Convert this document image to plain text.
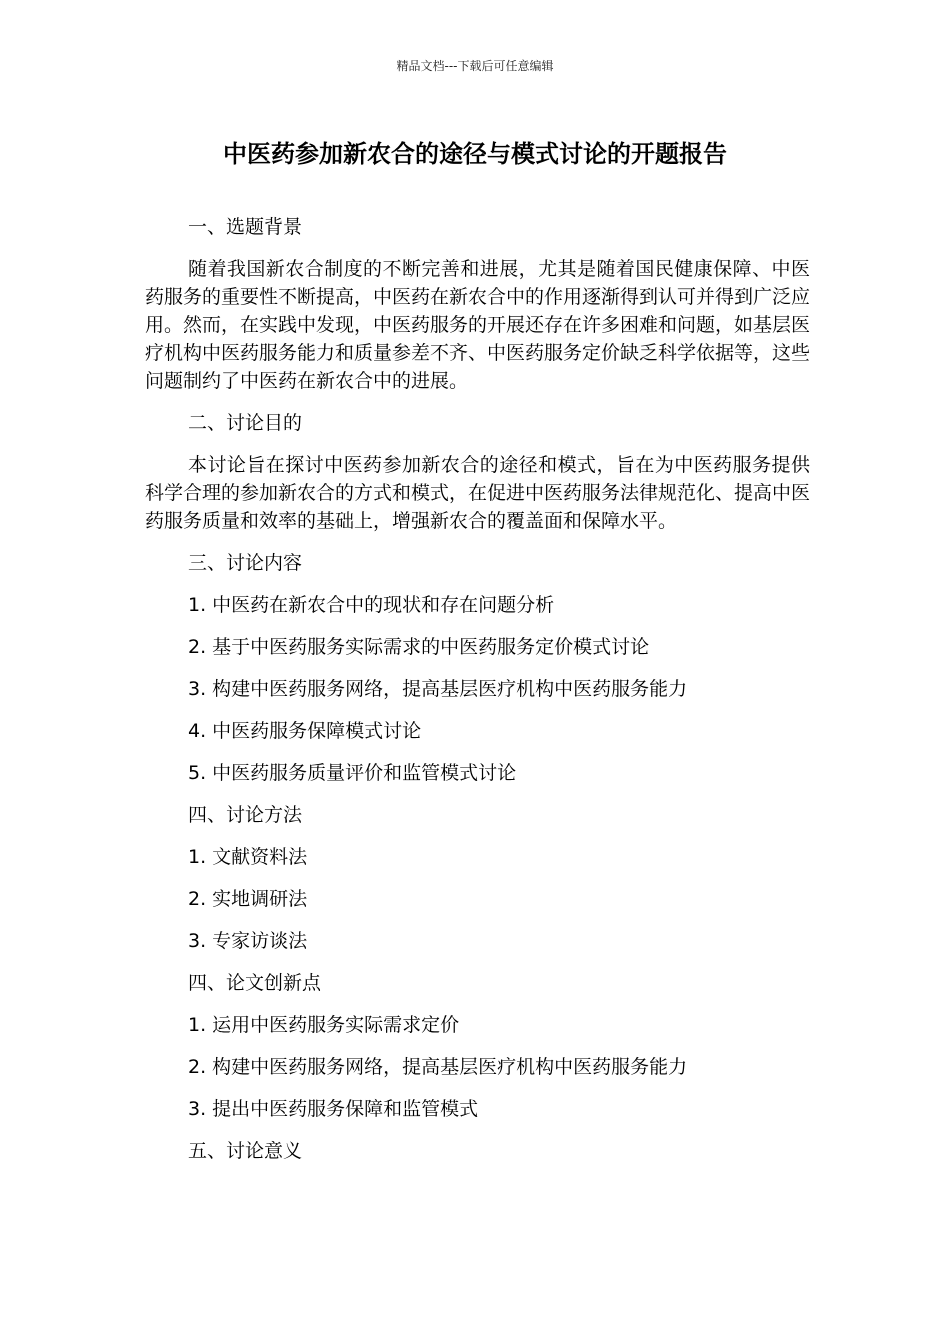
精品文档---下载后可任意编辑
中医药参加新农合的途径与模式讨论的开题报告

一、选题背景

随着我国新农合制度的不断完善和进展，尤其是随着国民健康保障、中医药服务的重要性不断提高，中医药在新农合中的作用逐渐得到认可并得到广泛应用。然而，在实践中发现，中医药服务的开展还存在许多困难和问题，如基层医疗机构中医药服务能力和质量参差不齐、中医药服务定价缺乏科学依据等，这些问题制约了中医药在新农合中的进展。

二、讨论目的

本讨论旨在探讨中医药参加新农合的途径和模式，旨在为中医药服务提供科学合理的参加新农合的方式和模式，在促进中医药服务法律规范化、提高中医药服务质量和效率的基础上，增强新农合的覆盖面和保障水平。

三、讨论内容

1. 中医药在新农合中的现状和存在问题分析

2. 基于中医药服务实际需求的中医药服务定价模式讨论

3. 构建中医药服务网络，提高基层医疗机构中医药服务能力

4. 中医药服务保障模式讨论

5. 中医药服务质量评价和监管模式讨论

四、讨论方法

1. 文献资料法

2. 实地调研法

3. 专家访谈法

四、论文创新点

1. 运用中医药服务实际需求定价

2. 构建中医药服务网络，提高基层医疗机构中医药服务能力

3. 提出中医药服务保障和监管模式

五、讨论意义
